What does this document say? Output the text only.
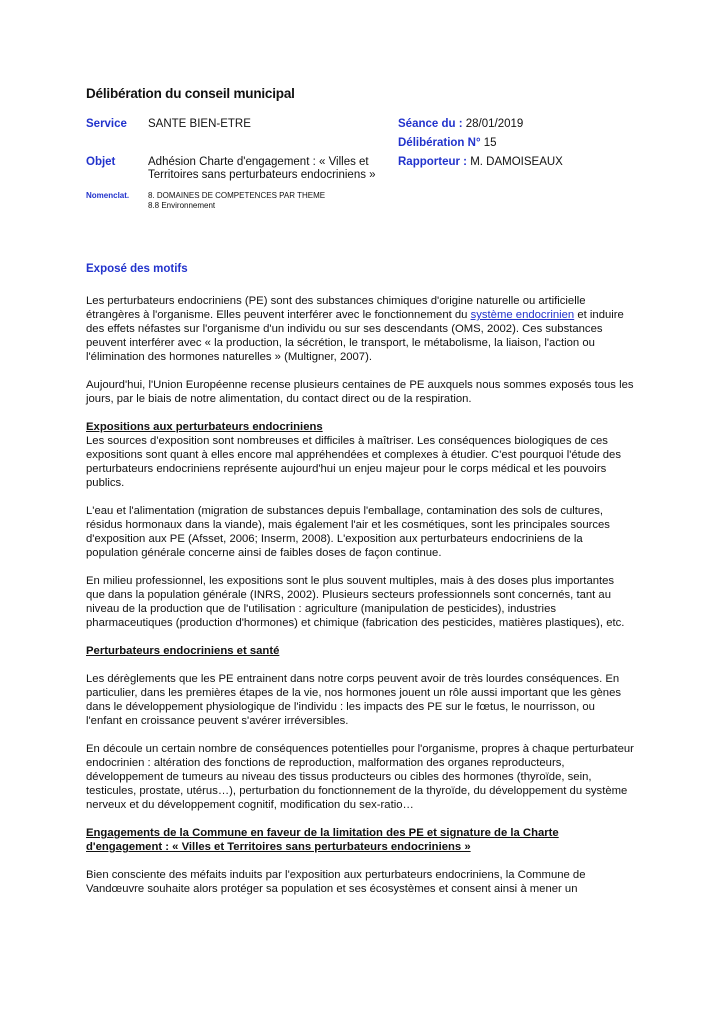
Délibération du conseil municipal
Service SANTE BIEN-ETRE	Séance du : 28/01/2019
Délibération N° 15
Objet	Adhésion Charte d'engagement : « Villes et Territoires sans perturbateurs endocriniens »
Rapporteur : M. DAMOISEAUX
Nomenclat. 8. DOMAINES DE COMPETENCES PAR THEME
8.8 Environnement
Exposé des motifs

Les perturbateurs endocriniens (PE) sont des substances chimiques d'origine naturelle ou artificielle étrangères à l'organisme. Elles peuvent interférer avec le fonctionnement du système endocrinien et induire des effets néfastes sur l'organisme d'un individu ou sur ses descendants (OMS, 2002). Ces substances peuvent interférer avec « la production, la sécrétion, le transport, le métabolisme, la liaison, l'action ou l'élimination des hormones naturelles » (Multigner, 2007).

Aujourd'hui, l'Union Européenne recense plusieurs centaines de PE auxquels nous sommes exposés tous les jours, par le biais de notre alimentation, du contact direct ou de la respiration.

Expositions aux perturbateurs endocriniens
Les sources d'exposition sont nombreuses et difficiles à maîtriser. Les conséquences biologiques de ces expositions sont quant à elles encore mal appréhendées et complexes à étudier. C'est pourquoi l'étude des perturbateurs endocriniens représente aujourd'hui un enjeu majeur pour le corps médical et les pouvoirs publics.

L'eau et l'alimentation (migration de substances depuis l'emballage, contamination des sols de cultures, résidus hormonaux dans la viande), mais également l'air et les cosmétiques, sont les principales sources d'exposition aux PE (Afsset, 2006; Inserm, 2008). L'exposition aux perturbateurs endocriniens de la population générale concerne ainsi de faibles doses de façon continue.

En milieu professionnel, les expositions sont le plus souvent multiples, mais à des doses plus importantes que dans la population générale (INRS, 2002). Plusieurs secteurs professionnels sont concernés, tant au niveau de la production que de l'utilisation : agriculture (manipulation de pesticides), industries pharmaceutiques (production d'hormones) et chimique (fabrication des pesticides, matières plastiques), etc.

Perturbateurs endocriniens et santé

Les dérèglements que les PE entrainent dans notre corps peuvent avoir de très lourdes conséquences. En particulier, dans les premières étapes de la vie, nos hormones jouent un rôle aussi important que les gènes dans le développement physiologique de l'individu : les impacts des PE sur le fœtus, le nourrisson, ou l'enfant en croissance peuvent s'avérer irréversibles.

En découle un certain nombre de conséquences potentielles pour l'organisme, propres à chaque perturbateur endocrinien : altération des fonctions de reproduction, malformation des organes reproducteurs, développement de tumeurs au niveau des tissus producteurs ou cibles des hormones (thyroïde, sein, testicules, prostate, utérus…), perturbation du fonctionnement de la thyroïde, du développement du système nerveux et du développement cognitif, modification du sex-ratio…

Engagements de la Commune en faveur de la limitation des PE et signature de la Charte d'engagement : « Villes et Territoires sans perturbateurs endocriniens »

Bien consciente des méfaits induits par l'exposition aux perturbateurs endocriniens, la Commune de Vandœuvre souhaite alors protéger sa population et ses écosystèmes et consent ainsi à mener un
